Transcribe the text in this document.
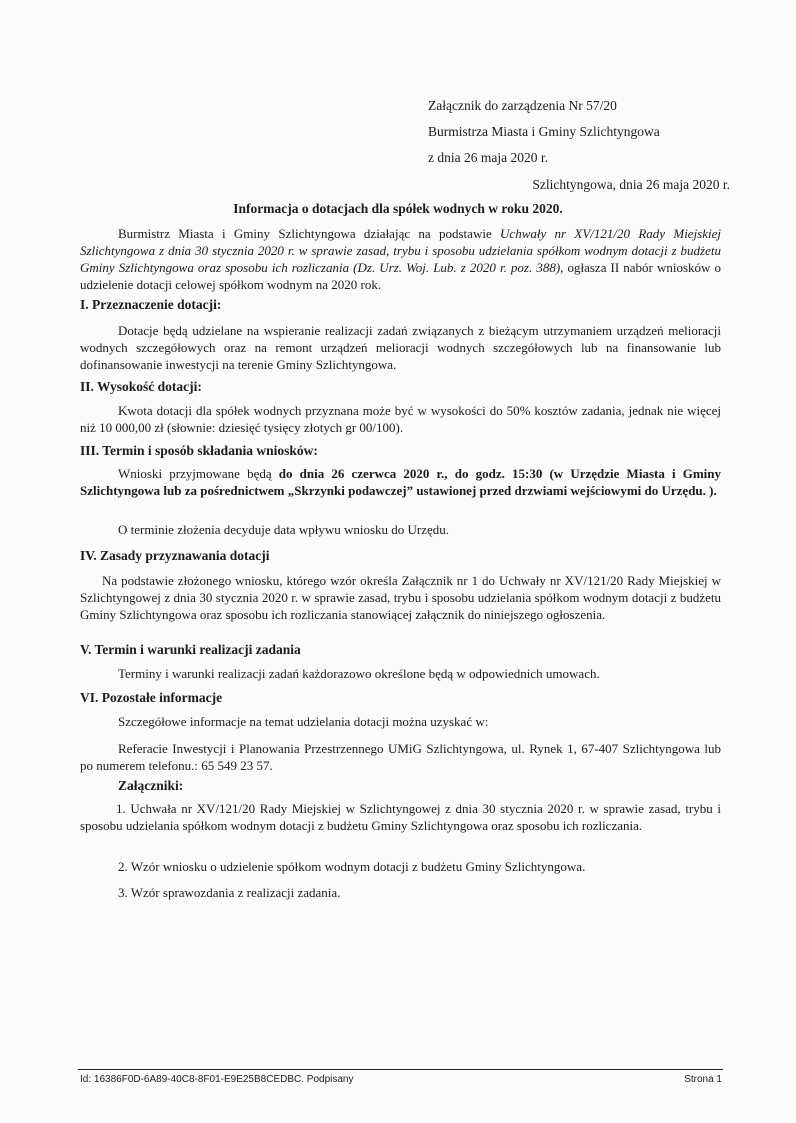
Załącznik do zarządzenia Nr 57/20
Burmistrza Miasta i Gminy Szlichtyngowa
z dnia 26 maja 2020 r.
Szlichtyngowa, dnia 26 maja 2020 r.
Informacja o dotacjach dla spółek wodnych w roku 2020.
Burmistrz Miasta i Gminy Szlichtyngowa działając na podstawie Uchwały nr XV/121/20 Rady Miejskiej Szlichtyngowa z dnia 30 stycznia 2020 r. w sprawie zasad, trybu i sposobu udzielania spółkom wodnym dotacji z budżetu Gminy Szlichtyngowa oraz sposobu ich rozliczania (Dz. Urz. Woj. Lub. z 2020 r. poz. 388), ogłasza II nabór wniosków o udzielenie dotacji celowej spółkom wodnym na 2020 rok.
I. Przeznaczenie dotacji:
Dotacje będą udzielane na wspieranie realizacji zadań związanych z bieżącym utrzymaniem urządzeń melioracji wodnych szczegółowych oraz na remont urządzeń melioracji wodnych szczegółowych lub na finansowanie lub dofinansowanie inwestycji na terenie Gminy Szlichtyngowa.
II. Wysokość dotacji:
Kwota dotacji dla spółek wodnych przyznana może być w wysokości do 50% kosztów zadania, jednak nie więcej niż 10 000,00 zł (słownie: dziesięć tysięcy złotych gr 00/100).
III. Termin i sposób składania wniosków:
Wnioski przyjmowane będą do dnia 26 czerwca 2020 r., do godz. 15:30 (w Urzędzie Miasta i Gminy Szlichtyngowa lub za pośrednictwem „Skrzynki podawczej” ustawionej przed drzwiami wejściowymi do Urzędu. ).
O terminie złożenia decyduje data wpływu wniosku do Urzędu.
IV. Zasady przyznawania dotacji
Na podstawie złożonego wniosku, którego wzór określa Załącznik nr 1 do Uchwały nr XV/121/20 Rady Miejskiej w Szlichtyngowej z dnia 30 stycznia 2020 r. w sprawie zasad, trybu i sposobu udzielania spółkom wodnym dotacji z budżetu Gminy Szlichtyngowa oraz sposobu ich rozliczania stanowiącej załącznik do niniejszego ogłoszenia.
V. Termin i warunki realizacji zadania
Terminy i warunki realizacji zadań każdorazowo określone będą w odpowiednich umowach.
VI. Pozostałe informacje
Szczegółowe informacje na temat udzielania dotacji można uzyskać w:
Referacie Inwestycji i Planowania Przestrzennego UMiG Szlichtyngowa, ul. Rynek 1, 67-407 Szlichtyngowa lub po numerem telefonu.: 65 549 23 57.
Załączniki:
1. Uchwała nr XV/121/20 Rady Miejskiej w Szlichtyngowej z dnia 30 stycznia 2020 r. w sprawie zasad, trybu i sposobu udzielania spółkom wodnym dotacji z budżetu Gminy Szlichtyngowa oraz sposobu ich rozliczania.
2. Wzór wniosku o udzielenie spółkom wodnym dotacji z budżetu Gminy Szlichtyngowa.
3. Wzór sprawozdania z realizacji zadania.
Id: 16386F0D-6A89-40C8-8F01-E9E25B8CEDBC. Podpisany	Strona 1
